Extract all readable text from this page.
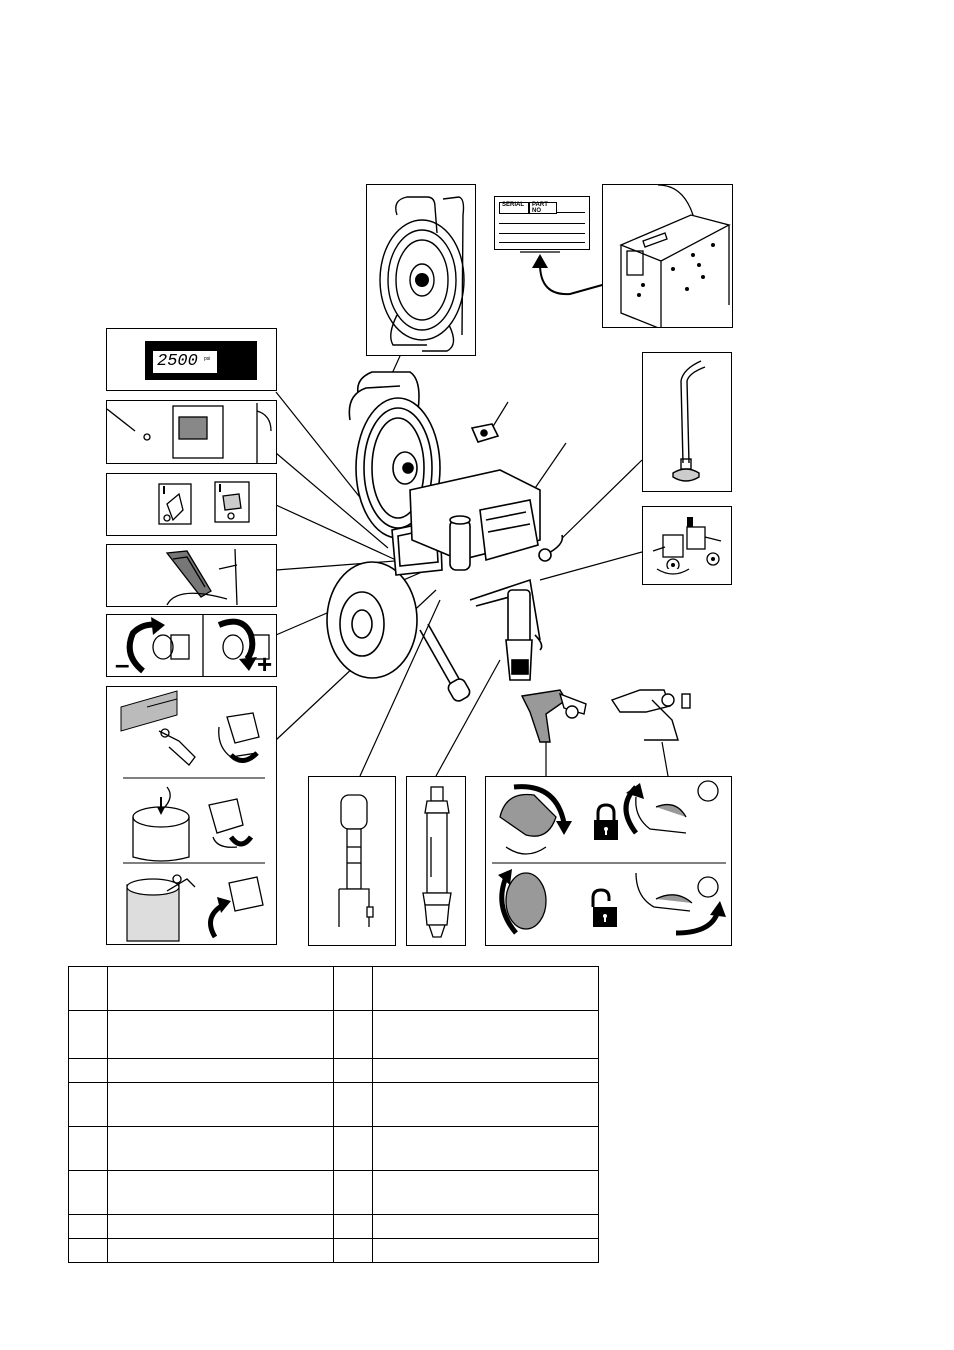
SERIAL PART NO
2500 psi
–	+
